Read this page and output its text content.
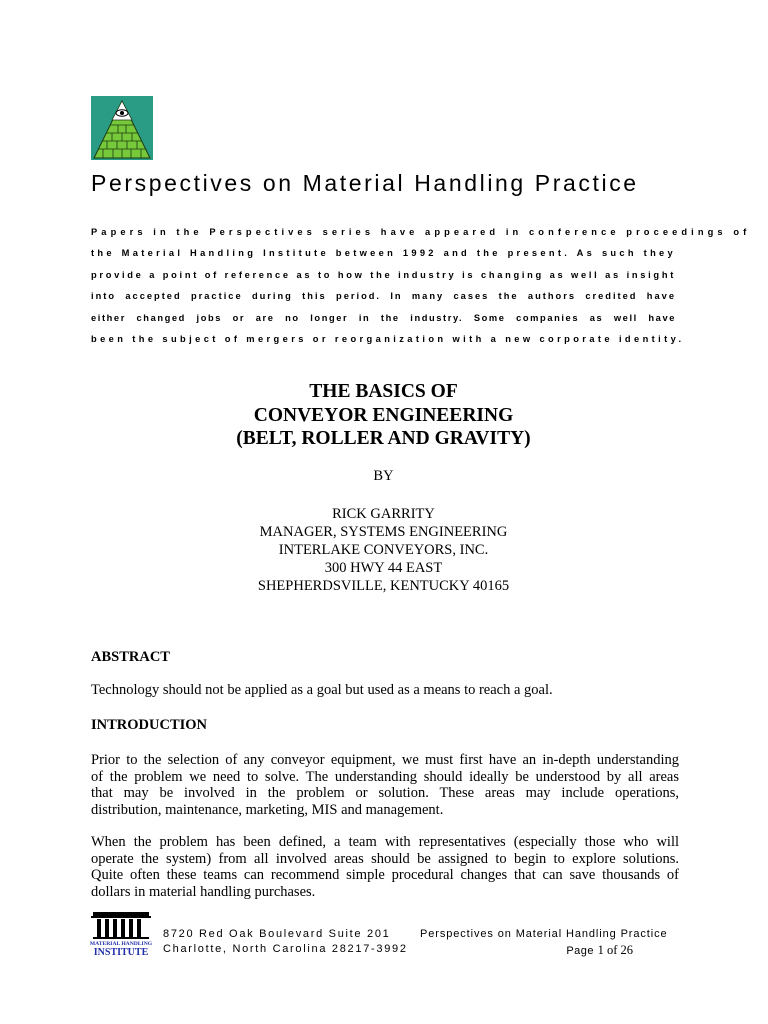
Perspectives on Material Handling Practice
Papers in the Perspectives series have appeared in conference proceedings of
the Material Handling Institute between 1992 and the present. As such they
provide a point of reference as to how the industry is changing as well as insight
into accepted practice during this period. In many cases the authors credited have
either changed jobs or are no longer in the industry. Some companies as well have
been the subject of mergers or reorganization with a new corporate identity.
THE BASICS OF
CONVEYOR ENGINEERING
(BELT, ROLLER AND GRAVITY)
BY
RICK GARRITY
MANAGER, SYSTEMS ENGINEERING
INTERLAKE CONVEYORS, INC.
300 HWY 44 EAST
SHEPHERDSVILLE, KENTUCKY 40165
ABSTRACT
Technology should not be applied as a goal but used as a means to reach a goal.
INTRODUCTION
Prior to the selection of any conveyor equipment, we must first have an in-depth understanding
of the problem we need to solve. The understanding should ideally be understood by all areas
that may be involved in the problem or solution. These areas may include operations,
distribution, maintenance, marketing, MIS and management.
When the problem has been defined, a team with representatives (especially those who will
operate the system) from all involved areas should be assigned to begin to explore solutions.
Quite often these teams can recommend simple procedural changes that can save thousands of
dollars in material handling purchases.
MATERIAL HANDLING
INSTITUTE
8720 Red Oak Boulevard Suite 201
Charlotte, North Carolina 28217-3992
Perspectives on Material Handling Practice
Page 1 of 26
